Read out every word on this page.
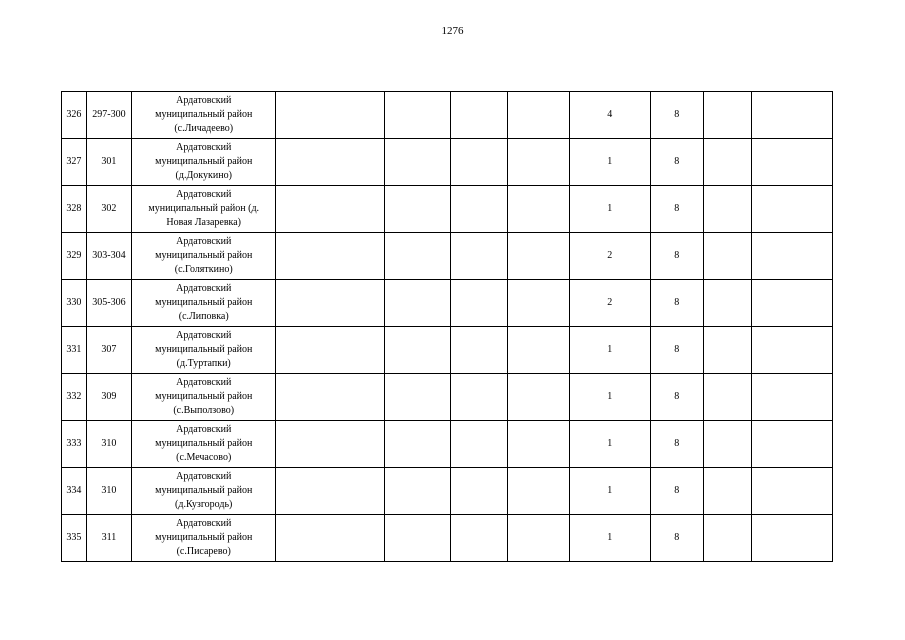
1276
326	297-300	Ардатовский
муниципальный район
(с.Личадеево)					4	8		
327	301	Ардатовский
муниципальный район
(д.Докукино)					1	8		
328	302	Ардатовский
муниципальный район (д.
Новая Лазаревка)					1	8		
329	303-304	Ардатовский
муниципальный район
(с.Голяткино)					2	8		
330	305-306	Ардатовский
муниципальный район
(с.Липовка)					2	8		
331	307	Ардатовский
муниципальный район
(д.Туртапки)					1	8		
332	309	Ардатовский
муниципальный район
(с.Выползово)					1	8		
333	310	Ардатовский
муниципальный район
(с.Мечасово)					1	8		
334	310	Ардатовский
муниципальный район
(д.Кузгородь)					1	8		
335	311	Ардатовский
муниципальный район
(с.Писарево)					1	8		
